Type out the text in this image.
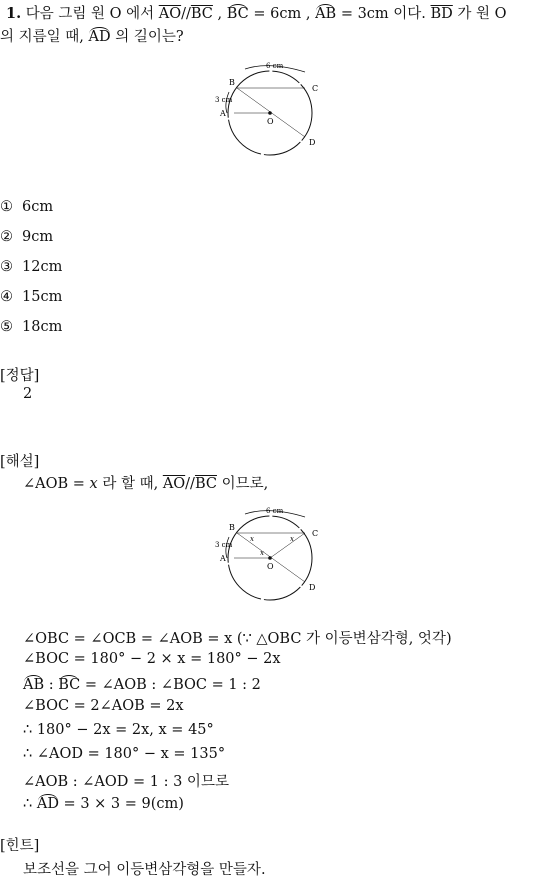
1. 다음 그림 원 O 에서 $\overline{AO}//\overline{BC}$ , BC = 6cm , AB = 3cm 이다. $\overline{BD}$ 가 원 O
의 지름일 때, AD 의 길이는?
6 cm
3 cm
B
C
A
O
D
① 6cm
② 9cm
③ 12cm
④ 15cm
⑤ 18cm
[정답]
2
[해설]
∠AOB = x 라 할 때, $\overline{AO}//\overline{BC}$ 이므로,
6 cm
3 cm
B
C
A
O
D
x	x
x
∠OBC = ∠OCB = ∠AOB = x (∵ △OBC 가 이등변삼각형, 엇각)
∠BOC = 180° − 2 × x = 180° − 2x
AB : BC = ∠AOB : ∠BOC = 1 : 2
∠BOC = 2∠AOB = 2x
∴ 180° − 2x = 2x, x = 45°
∴ ∠AOD = 180° − x = 135°
∠AOB : ∠AOD = 1 : 3 이므로
∴ AD = 3 × 3 = 9(cm)
[힌트]
보조선을 그어 이등변삼각형을 만들자.
